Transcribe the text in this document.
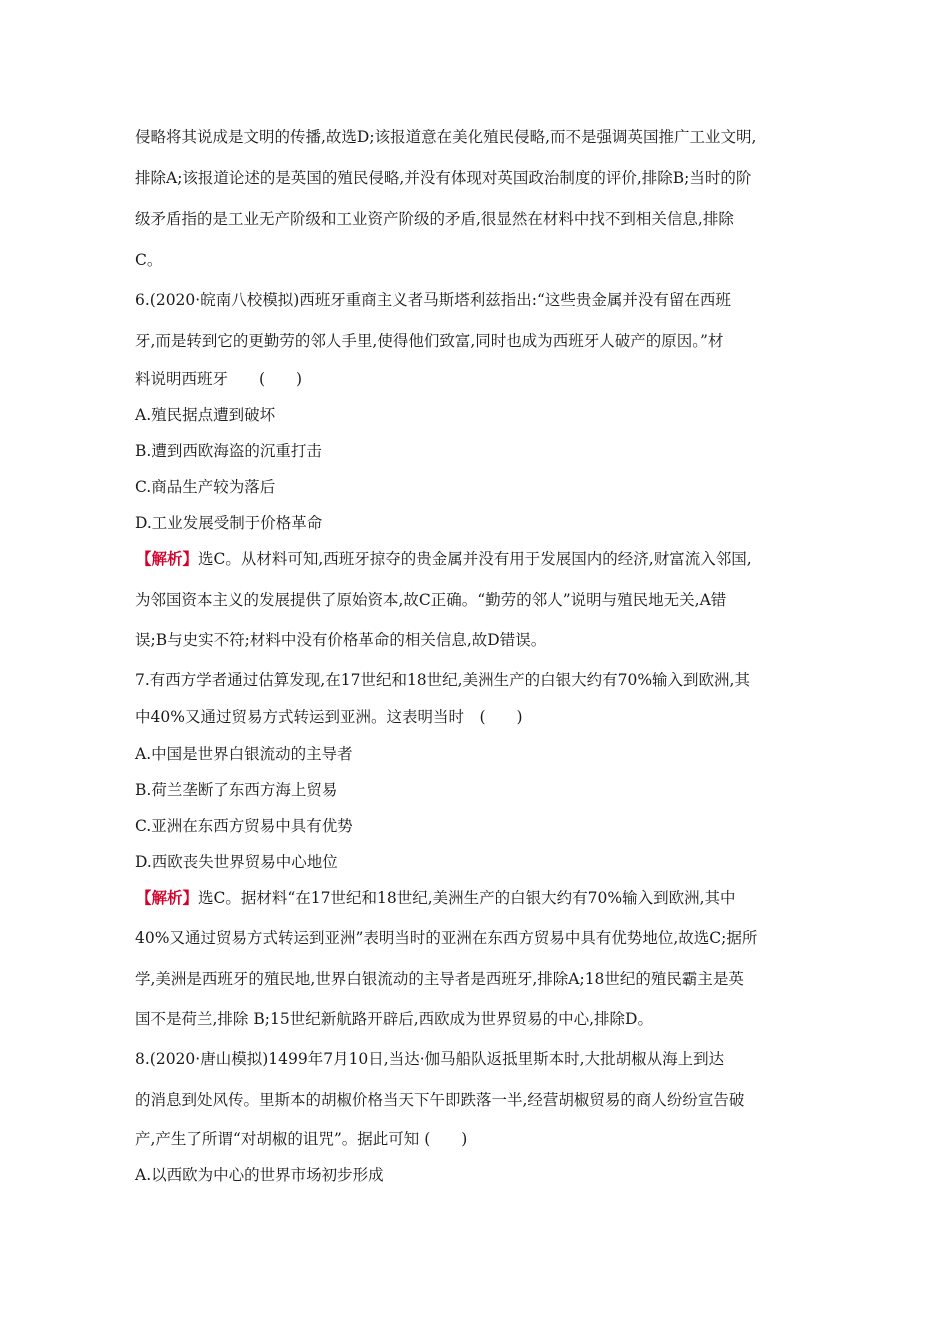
侵略将其说成是文明的传播,故选D;该报道意在美化殖民侵略,而不是强调英国推广工业文明,
排除A;该报道论述的是英国的殖民侵略,并没有体现对英国政治制度的评价,排除B;当时的阶
级矛盾指的是工业无产阶级和工业资产阶级的矛盾,很显然在材料中找不到相关信息,排除
C。
6.(2020·皖南八校模拟)西班牙重商主义者马斯塔利兹指出:“这些贵金属并没有留在西班
牙,而是转到它的更勤劳的邻人手里,使得他们致富,同时也成为西班牙人破产的原因。”材
料说明西班牙　　(　　)
A.殖民据点遭到破坏
B.遭到西欧海盗的沉重打击
C.商品生产较为落后
D.工业发展受制于价格革命
【解析】选C。从材料可知,西班牙掠夺的贵金属并没有用于发展国内的经济,财富流入邻国,
为邻国资本主义的发展提供了原始资本,故C正确。“勤劳的邻人”说明与殖民地无关,A错
误;B与史实不符;材料中没有价格革命的相关信息,故D错误。
7.有西方学者通过估算发现,在17世纪和18世纪,美洲生产的白银大约有70%输入到欧洲,其
中40%又通过贸易方式转运到亚洲。这表明当时　(　　)
A.中国是世界白银流动的主导者
B.荷兰垄断了东西方海上贸易
C.亚洲在东西方贸易中具有优势
D.西欧丧失世界贸易中心地位
【解析】选C。据材料“在17世纪和18世纪,美洲生产的白银大约有70%输入到欧洲,其中
40%又通过贸易方式转运到亚洲”表明当时的亚洲在东西方贸易中具有优势地位,故选C;据所
学,美洲是西班牙的殖民地,世界白银流动的主导者是西班牙,排除A;18世纪的殖民霸主是英
国不是荷兰,排除 B;15世纪新航路开辟后,西欧成为世界贸易的中心,排除D。
8.(2020·唐山模拟)1499年7月10日,当达·伽马船队返抵里斯本时,大批胡椒从海上到达
的消息到处风传。里斯本的胡椒价格当天下午即跌落一半,经营胡椒贸易的商人纷纷宣告破
产,产生了所谓“对胡椒的诅咒”。据此可知 (　　)
A.以西欧为中心的世界市场初步形成
